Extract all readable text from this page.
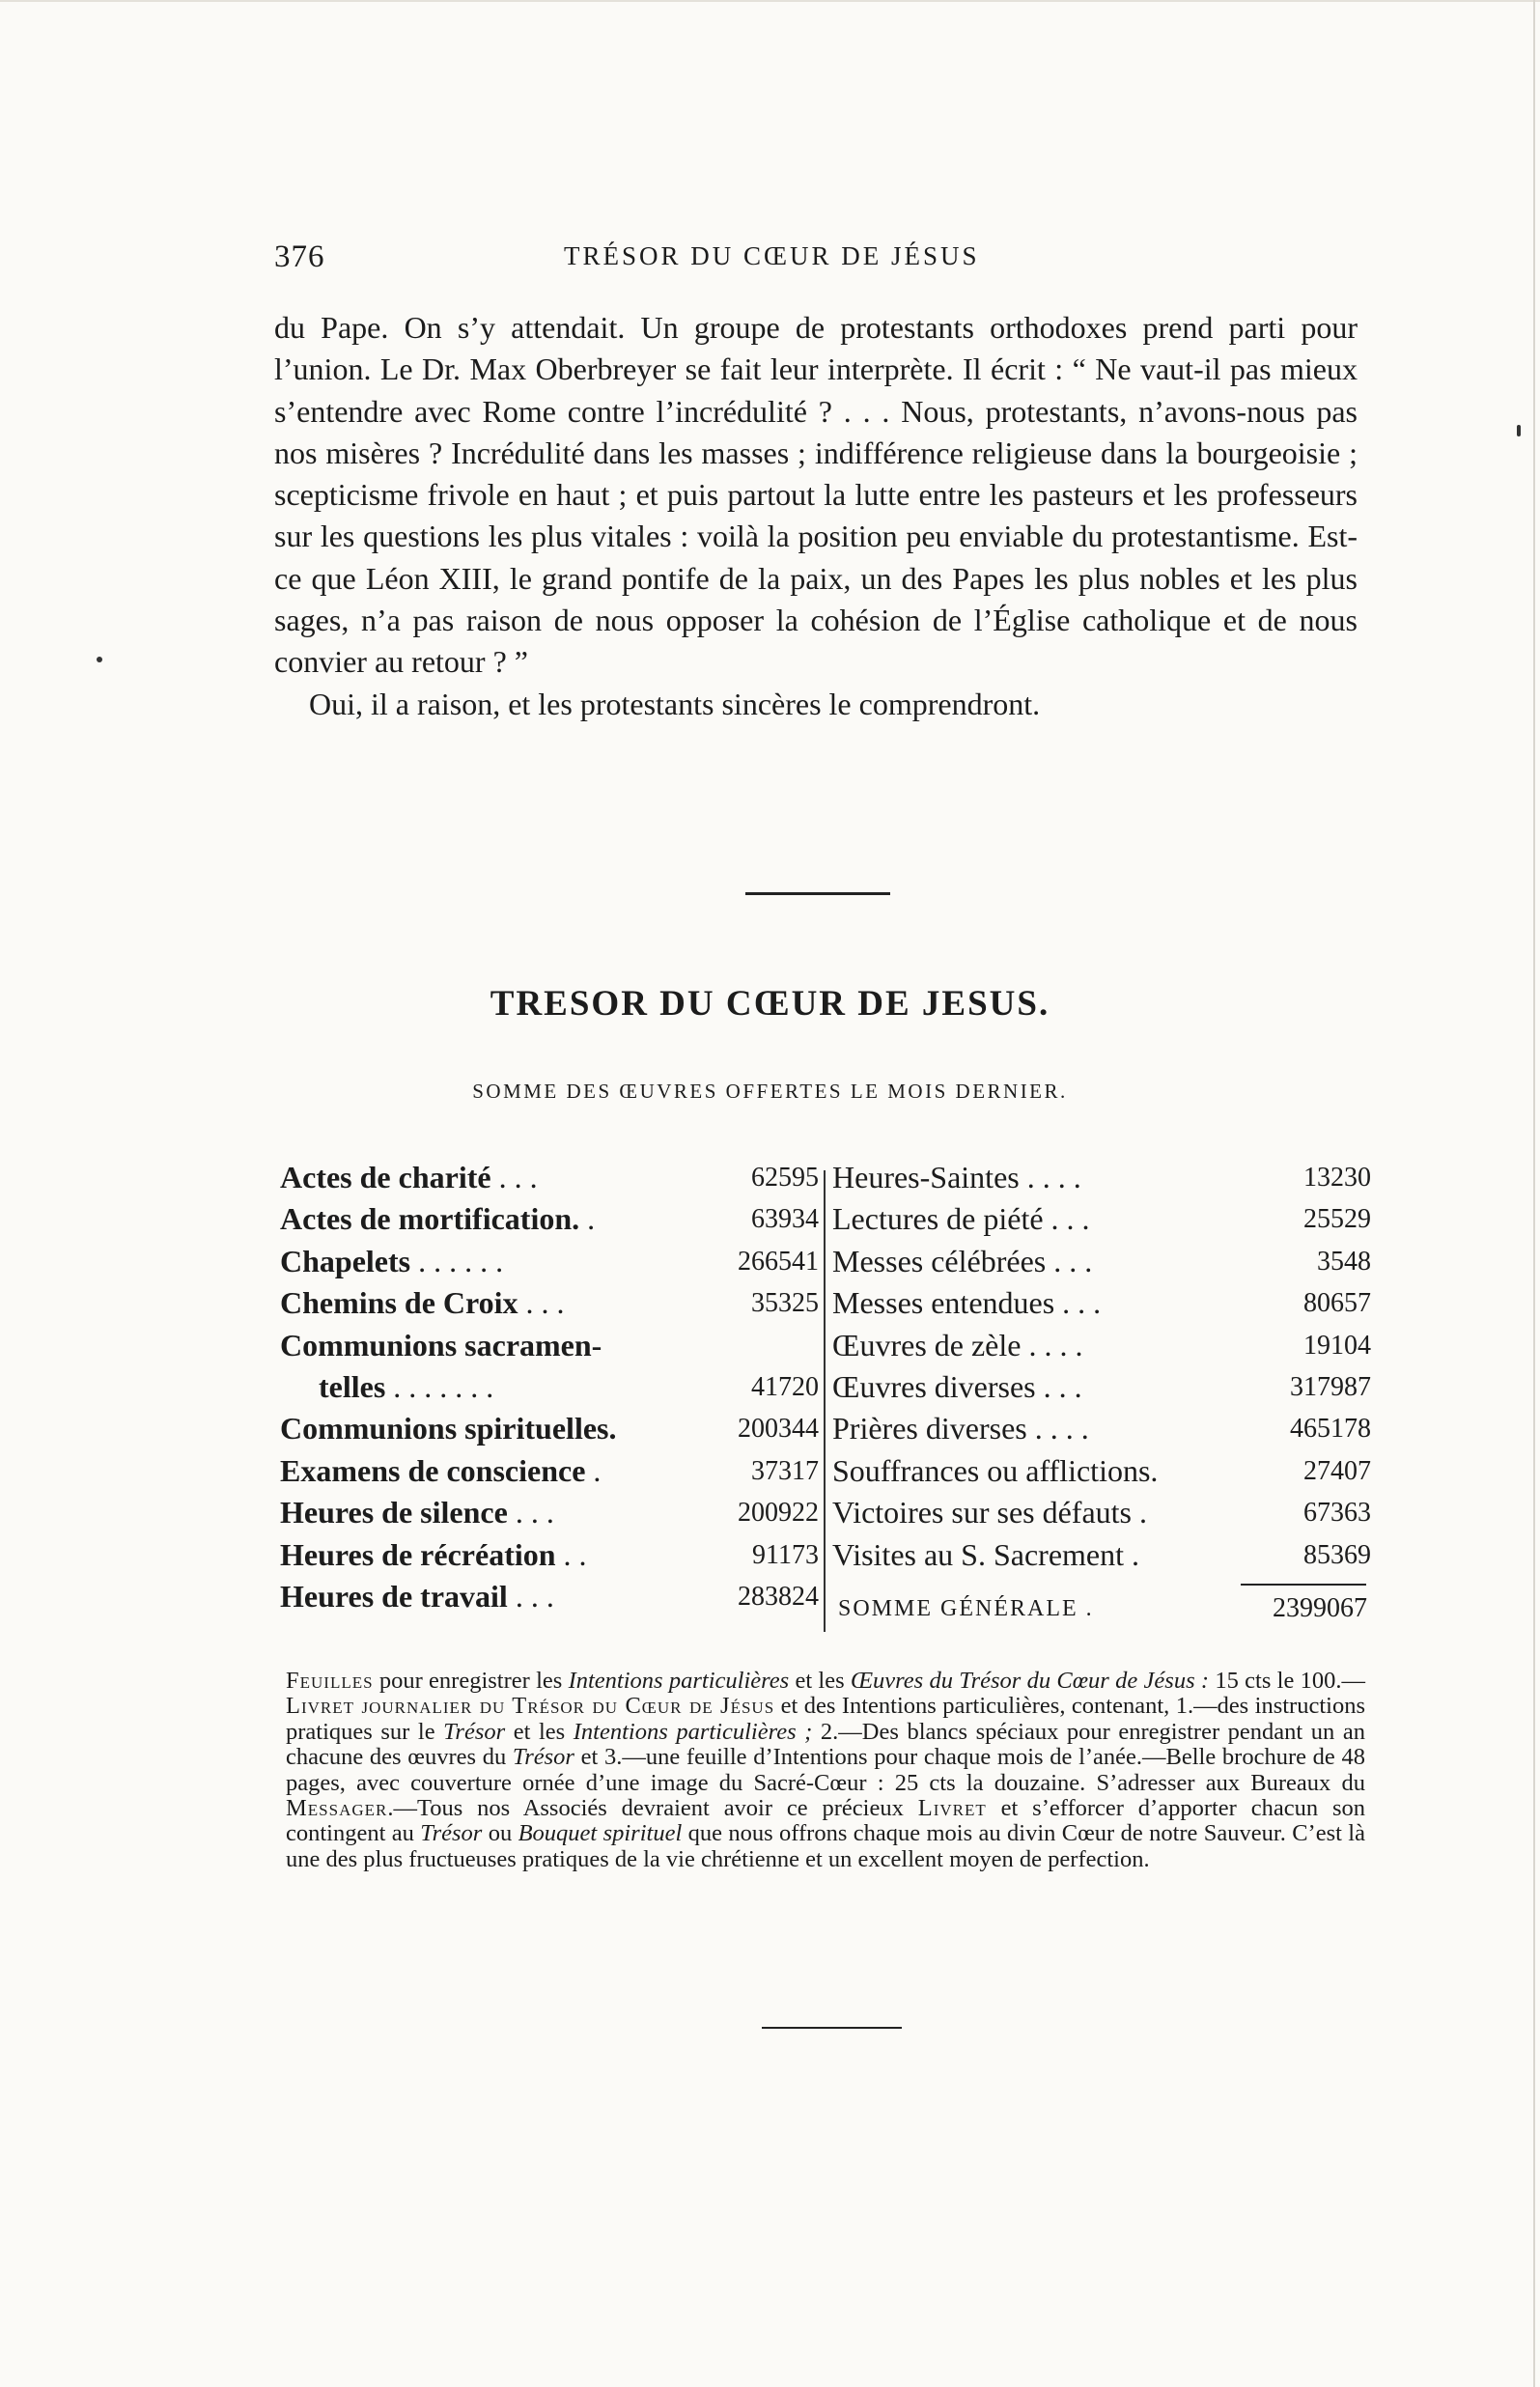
376	TRÉSOR DU CŒUR DE JÉSUS

du Pape. On s’y attendait. Un groupe de protestants orthodoxes prend parti pour l’union. Le Dr. Max Oberbreyer se fait leur interprète. Il écrit : “ Ne vaut-il pas mieux s’entendre avec Rome contre l’incrédulité ? . . . Nous, protestants, n’avons-nous pas nos misères ? Incrédulité dans les masses ; indifférence religieuse dans la bourgeoisie ; scepticisme frivole en haut ; et puis partout la lutte entre les pasteurs et les professeurs sur les questions les plus vitales : voilà la position peu enviable du protestantisme. Est-ce que Léon XIII, le grand pontife de la paix, un des Papes les plus nobles et les plus sages, n’a pas raison de nous opposer la cohésion de l’Église catholique et de nous convier au retour ? ”

Oui, il a raison, et les protestants sincères le comprendront.

TRESOR DU CŒUR DE JESUS.
SOMME DES ŒUVRES OFFERTES LE MOIS DERNIER.
Actes de charité . . .	62595
Actes de mortification. .	63934
Chapelets . . . . . .	266541
Chemins de Croix . . .	35325
Communions sacramen-
telles . . . . . . .	41720
Communions spirituelles.	200344
Examens de conscience .	37317
Heures de silence . . .	200922
Heures de récréation . .	91173
Heures de travail . . .	283824
Heures-Saintes . . . .	13230
Lectures de piété . . .	25529
Messes célébrées . . .	3548
Messes entendues . . .	80657
Œuvres de zèle . . . .	19104
Œuvres diverses . . .	317987
Prières diverses . . . .	465178
Souffrances ou afflictions.	27407
Victoires sur ses défauts .	67363
Visites au S. Sacrement .	85369
SOMME GÉNÉRALE .	2399067
Feuilles pour enregistrer les Intentions particulières et les Œuvres du Trésor du Cœur de Jésus : 15 cts le 100.—Livret journalier du Trésor du Cœur de Jésus et des Intentions particulières, contenant, 1.—des instructions pratiques sur le Trésor et les Intentions particulières ; 2.—Des blancs spéciaux pour enregistrer pendant un an chacune des œuvres du Trésor et 3.—une feuille d’Intentions pour chaque mois de l’anée.—Belle brochure de 48 pages, avec couverture ornée d’une image du Sacré-Cœur : 25 cts la douzaine. S’adresser aux Bureaux du Messager.—Tous nos Associés devraient avoir ce précieux Livret et s’efforcer d’apporter chacun son contingent au Trésor ou Bouquet spirituel que nous offrons chaque mois au divin Cœur de notre Sauveur. C’est là une des plus fructueuses pratiques de la vie chrétienne et un excellent moyen de perfection.
